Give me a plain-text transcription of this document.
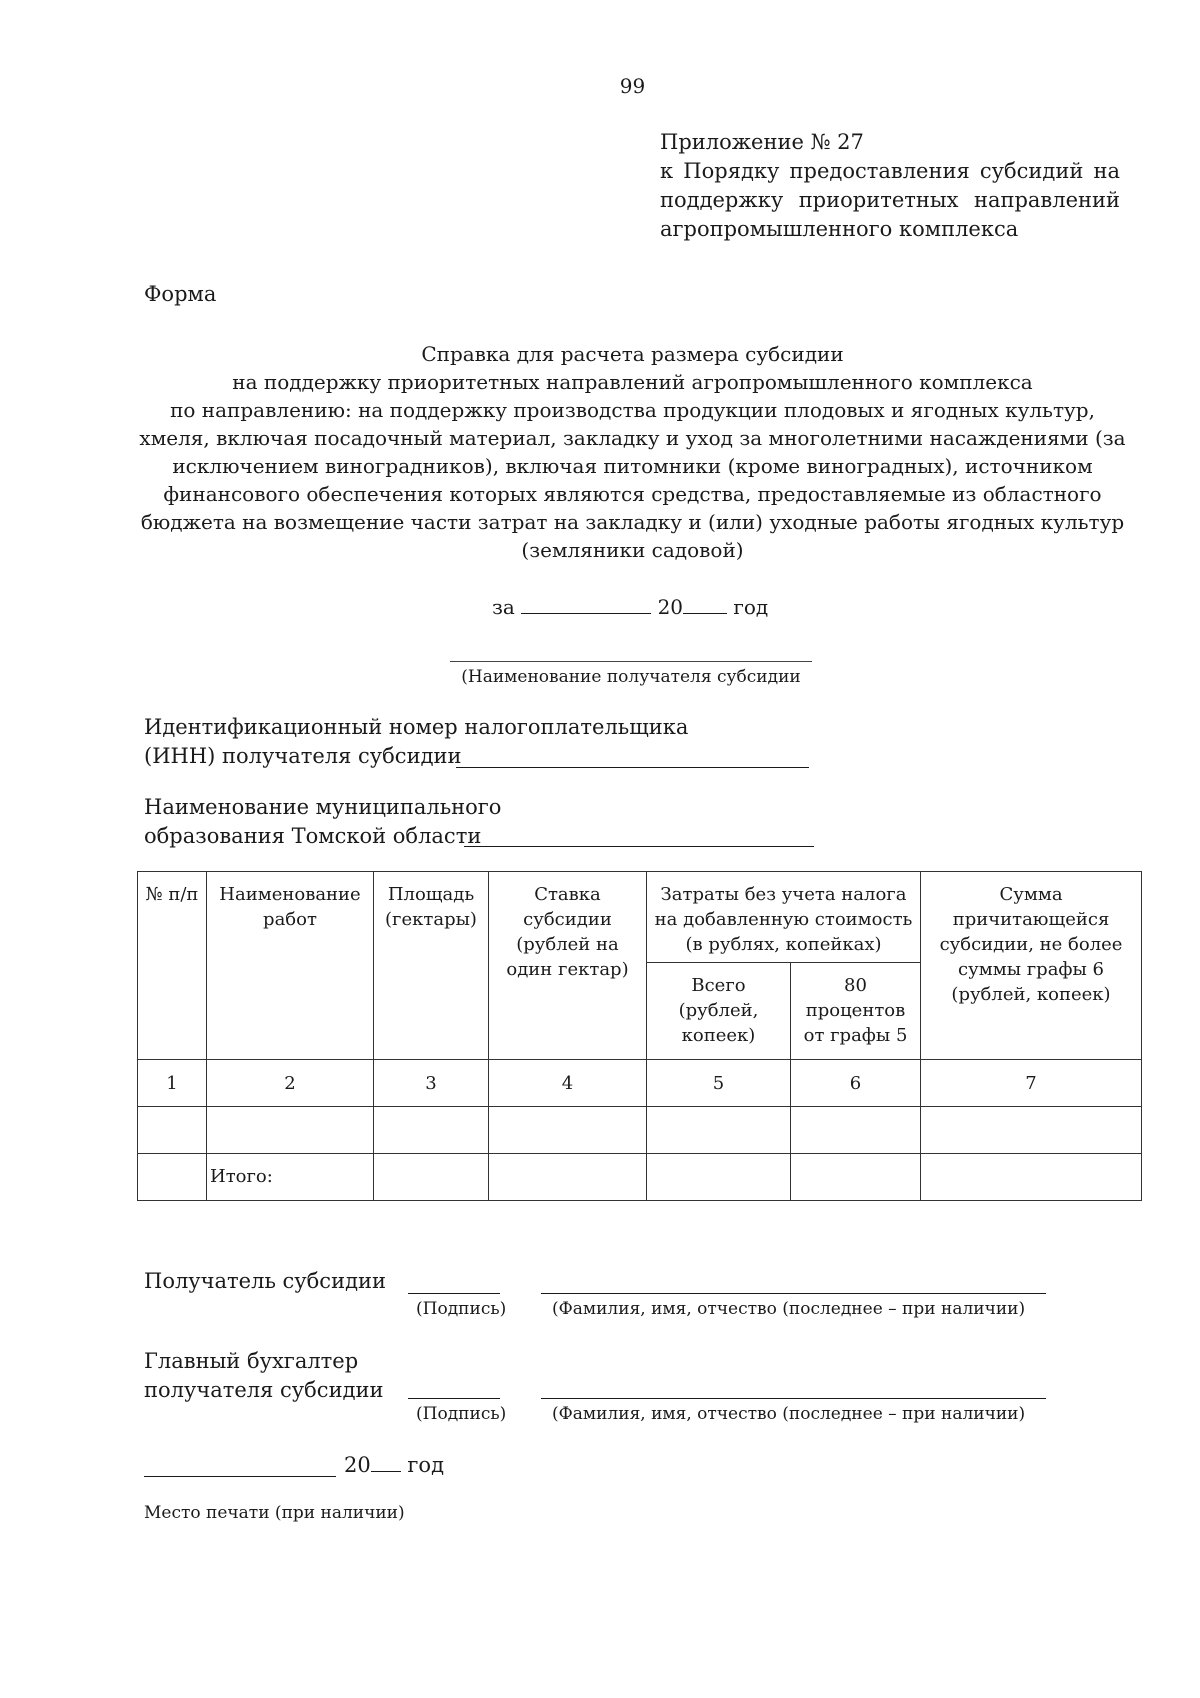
99
Приложение № 27
к Порядку предоставления субсидий на
поддержку приоритетных направлений
агропромышленного комплекса
Форма
Справка для расчета размера субсидии
на поддержку приоритетных направлений агропромышленного комплекса
по направлению: на поддержку производства продукции плодовых и ягодных культур,
хмеля, включая посадочный материал, закладку и уход за многолетними насаждениями (за
исключением виноградников), включая питомники (кроме виноградных), источником
финансового обеспечения которых являются средства, предоставляемые из областного
бюджета на возмещение части затрат на закладку и (или) уходные работы ягодных культур
(земляники садовой)
за	20	год
(Наименование получателя субсидии
Идентификационный номер налогоплательщика
(ИНН) получателя субсидии
Наименование муниципального
образования Томской области
№ п/п	Наименование работ	Площадь (гектары)	Ставка субсидии (рублей на один гектар)	Затраты без учета налога на добавленную стоимость (в рублях, копейках)		Сумма причитающейся субсидии, не более суммы графы 6 (рублей, копеек)
				Всего (рублей, копеек)	80 процентов от графы 5	
1	2	3	4	5	6	7

	Итого:					
Получатель субсидии
(Подпись)	(Фамилия, имя, отчество (последнее – при наличии)
Главный бухгалтер
получателя субсидии
(Подпись)	(Фамилия, имя, отчество (последнее – при наличии)
20 год
Место печати (при наличии)
